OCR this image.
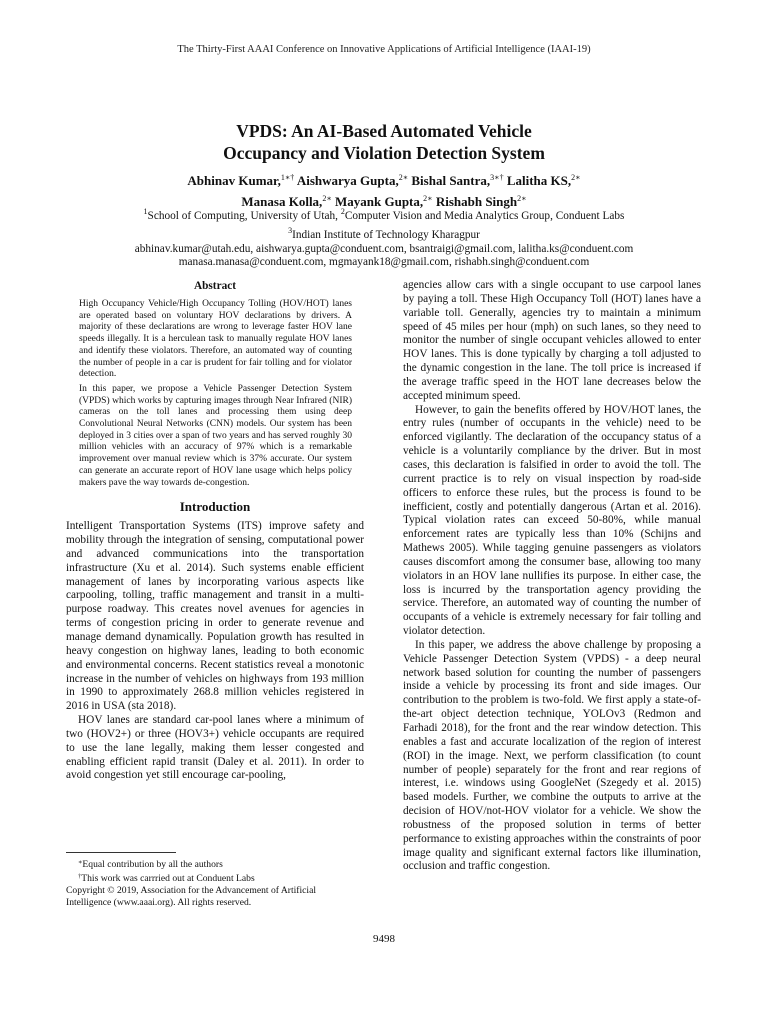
The Thirty-First AAAI Conference on Innovative Applications of Artificial Intelligence (IAAI-19)
VPDS: An AI-Based Automated Vehicle
Occupancy and Violation Detection System
Abhinav Kumar,$^{1∗\dagger}$ Aishwarya Gupta,$^{2∗}$ Bishal Santra,$^{3∗\dagger}$ Lalitha KS,$^{2∗}$
Manasa Kolla,$^{2∗}$ Mayank Gupta,$^{2∗}$ Rishabh Singh$^{2∗}$
$^1$School of Computing, University of Utah, $^2$Computer Vision and Media Analytics Group, Conduent Labs
$^3$Indian Institute of Technology Kharagpur
abhinav.kumar@utah.edu, aishwarya.gupta@conduent.com, bsantraigi@gmail.com, lalitha.ks@conduent.com
manasa.manasa@conduent.com, mgmayank18@gmail.com, rishabh.singh@conduent.com
Abstract

High Occupancy Vehicle/High Occupancy Tolling (HOV/HOT) lanes are operated based on voluntary HOV declarations by drivers. A majority of these declarations are wrong to leverage faster HOV lane speeds illegally. It is a herculean task to manually regulate HOV lanes and identify these violators. Therefore, an automated way of counting the number of people in a car is prudent for fair tolling and for violator detection.

In this paper, we propose a Vehicle Passenger Detection System (VPDS) which works by capturing images through Near Infrared (NIR) cameras on the toll lanes and processing them using deep Convolutional Neural Networks (CNN) models. Our system has been deployed in 3 cities over a span of two years and has served roughly 30 million vehicles with an accuracy of 97% which is a remarkable improvement over manual review which is 37% accurate. Our system can generate an accurate report of HOV lane usage which helps policy makers pave the way towards de-congestion.

Introduction

Intelligent Transportation Systems (ITS) improve safety and mobility through the integration of sensing, computational power and advanced communications into the transportation infrastructure (Xu et al. 2014). Such systems enable efficient management of lanes by incorporating various aspects like carpooling, tolling, traffic management and transit in a multi-purpose roadway. This creates novel avenues for agencies in terms of congestion pricing in order to generate revenue and manage demand dynamically. Population growth has resulted in heavy congestion on highway lanes, leading to both economic and environmental concerns. Recent statistics reveal a monotonic increase in the number of vehicles on highways from 193 million in 1990 to approximately 268.8 million vehicles registered in 2016 in USA (sta 2018).

HOV lanes are standard car-pool lanes where a minimum of two (HOV2+) or three (HOV3+) vehicle occupants are required to use the lane legally, making them lesser congested and enabling efficient rapid transit (Daley et al. 2011). In order to avoid congestion yet still encourage car-pooling,

agencies allow cars with a single occupant to use carpool lanes by paying a toll. These High Occupancy Toll (HOT) lanes have a variable toll. Generally, agencies try to maintain a minimum speed of 45 miles per hour (mph) on such lanes, so they need to monitor the number of single occupant vehicles allowed to enter HOV lanes. This is done typically by charging a toll adjusted to the dynamic congestion in the lane. The toll price is increased if the average traffic speed in the HOT lane decreases below the accepted minimum speed.

However, to gain the benefits offered by HOV/HOT lanes, the entry rules (number of occupants in the vehicle) need to be enforced vigilantly. The declaration of the occupancy status of a vehicle is a voluntarily compliance by the driver. But in most cases, this declaration is falsified in order to avoid the toll. The current practice is to rely on visual inspection by road-side officers to enforce these rules, but the process is found to be inefficient, costly and potentially dangerous (Artan et al. 2016). Typical violation rates can exceed 50-80%, while manual enforcement rates are typically less than 10% (Schijns and Mathews 2005). While tagging genuine passengers as violators causes discomfort among the consumer base, allowing too many violators in an HOV lane nullifies its purpose. In either case, the loss is incurred by the transportation agency providing the service. Therefore, an automated way of counting the number of occupants of a vehicle is extremely necessary for fair tolling and violator detection.

In this paper, we address the above challenge by proposing a Vehicle Passenger Detection System (VPDS) - a deep neural network based solution for counting the number of passengers inside a vehicle by processing its front and side images. Our contribution to the problem is two-fold. We first apply a state-of-the-art object detection technique, YOLOv3 (Redmon and Farhadi 2018), for the front and the rear window detection. This enables a fast and accurate localization of the region of interest (ROI) in the image. Next, we perform classification (to count number of people) separately for the front and rear regions of interest, i.e. windows using GoogleNet (Szegedy et al. 2015) based models. Further, we combine the outputs to arrive at the decision of HOV/not-HOV violator for a vehicle. We show the robustness of the proposed solution in terms of better performance to existing approaches within the constraints of poor image quality and significant external factors like illumination, occlusion and traffic congestion.

∗Equal contribution by all the authors
†This work was carrried out at Conduent Labs
Copyright © 2019, Association for the Advancement of Artificial
Intelligence (www.aaai.org). All rights reserved.
9498
